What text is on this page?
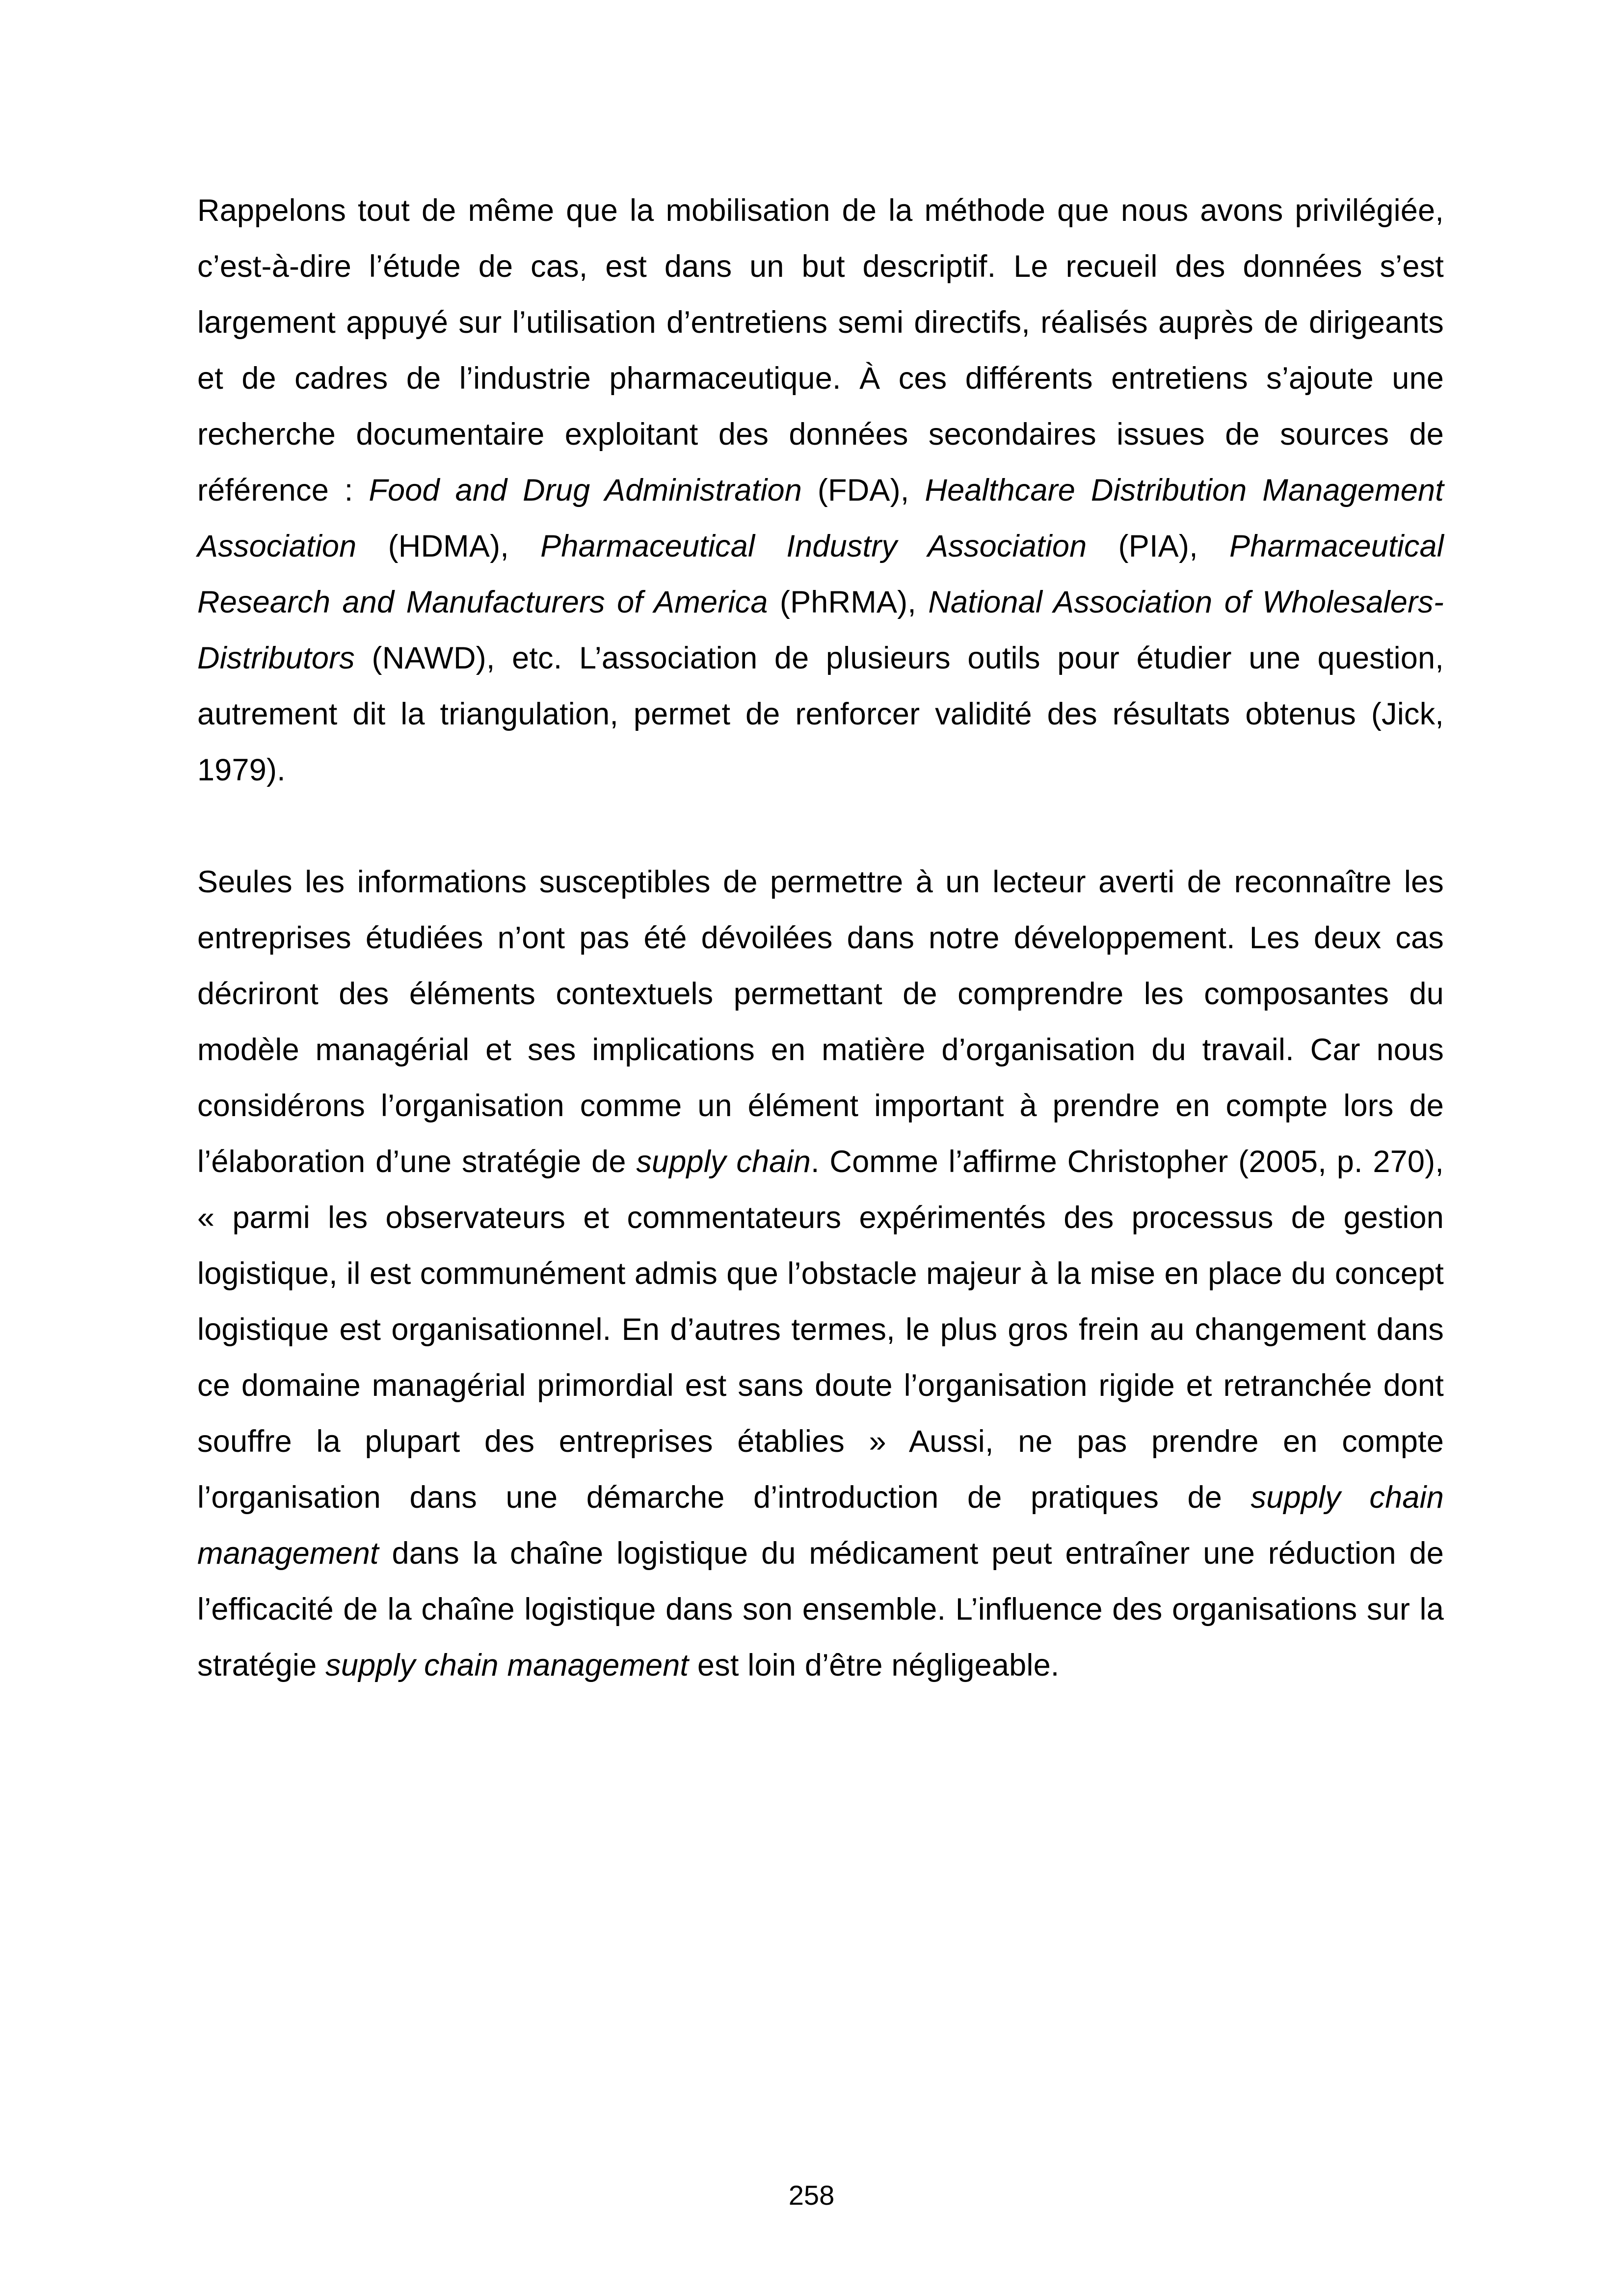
Rappelons tout de même que la mobilisation de la méthode que nous avons privilégiée, c’est-à-dire l’étude de cas, est dans un but descriptif. Le recueil des données s’est largement appuyé sur l’utilisation d’entretiens semi directifs, réalisés auprès de dirigeants et de cadres de l’industrie pharmaceutique. À ces différents entretiens s’ajoute une recherche documentaire exploitant des données secondaires issues de sources de référence : Food and Drug Administration (FDA), Healthcare Distribution Management Association (HDMA), Pharmaceutical Industry Association (PIA), Pharmaceutical Research and Manufacturers of America (PhRMA), National Association of Wholesalers-Distributors (NAWD), etc. L’association de plusieurs outils pour étudier une question, autrement dit la triangulation, permet de renforcer validité des résultats obtenus (Jick, 1979).

Seules les informations susceptibles de permettre à un lecteur averti de reconnaître les entreprises étudiées n’ont pas été dévoilées dans notre développement. Les deux cas décriront des éléments contextuels permettant de comprendre les composantes du modèle managérial et ses implications en matière d’organisation du travail. Car nous considérons l’organisation comme un élément important à prendre en compte lors de l’élaboration d’une stratégie de supply chain. Comme l’affirme Christopher (2005, p. 270), « parmi les observateurs et commentateurs expérimentés des processus de gestion logistique, il est communément admis que l’obstacle majeur à la mise en place du concept logistique est organisationnel. En d’autres termes, le plus gros frein au changement dans ce domaine managérial primordial est sans doute l’organisation rigide et retranchée dont souffre la plupart des entreprises établies » Aussi, ne pas prendre en compte l’organisation dans une démarche d’introduction de pratiques de supply chain management dans la chaîne logistique du médicament peut entraîner une réduction de l’efficacité de la chaîne logistique dans son ensemble. L’influence des organisations sur la stratégie supply chain management est loin d’être négligeable.

258
